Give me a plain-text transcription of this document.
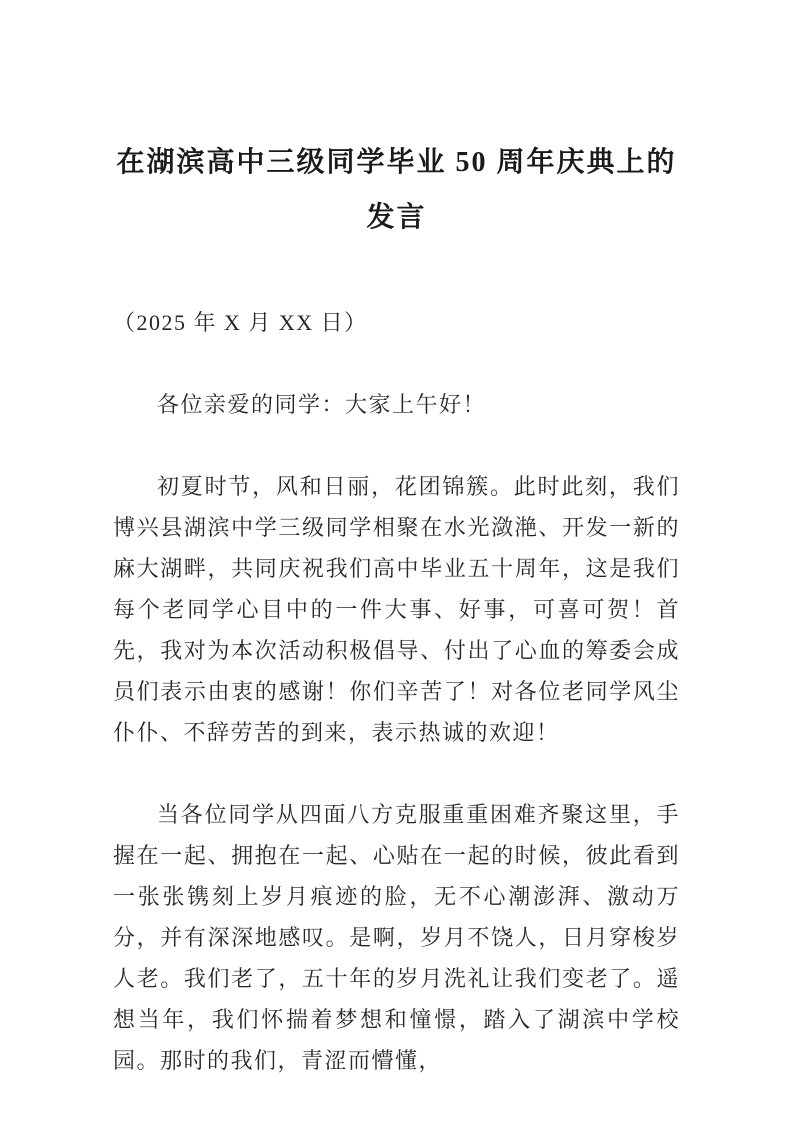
在湖滨高中三级同学毕业 50 周年庆典上的
发言
（2025 年 X 月 XX 日）
各位亲爱的同学：大家上午好！

初夏时节，风和日丽，花团锦簇。此时此刻，我们博兴县湖滨中学三级同学相聚在水光潋滟、开发一新的麻大湖畔，共同庆祝我们高中毕业五十周年，这是我们每个老同学心目中的一件大事、好事，可喜可贺！首先，我对为本次活动积极倡导、付出了心血的筹委会成员们表示由衷的感谢！你们辛苦了！对各位老同学风尘仆仆、不辞劳苦的到来，表示热诚的欢迎！

当各位同学从四面八方克服重重困难齐聚这里，手握在一起、拥抱在一起、心贴在一起的时候，彼此看到一张张镌刻上岁月痕迹的脸，无不心潮澎湃、激动万分，并有深深地感叹。是啊，岁月不饶人，日月穿梭岁人老。我们老了，五十年的岁月洗礼让我们变老了。遥想当年，我们怀揣着梦想和憧憬，踏入了湖滨中学校园。那时的我们，青涩而懵懂，
